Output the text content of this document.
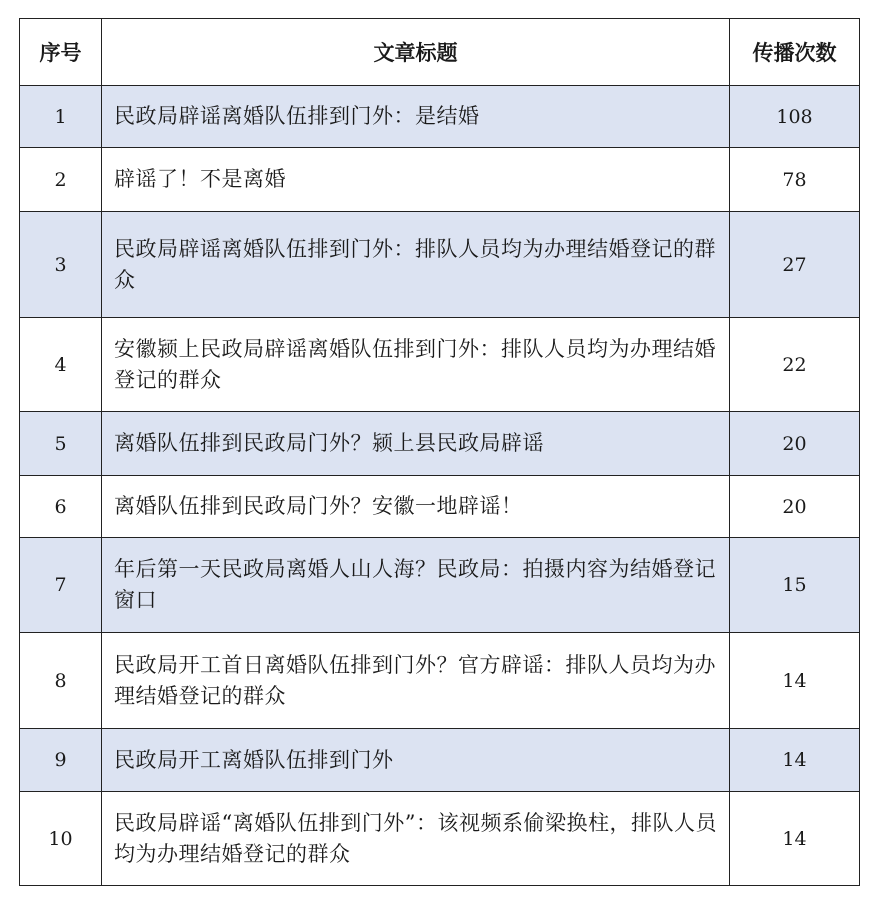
序号	文章标题	传播次数
1	民政局辟谣离婚队伍排到门外：是结婚	108
2	辟谣了！不是离婚	78
3	民政局辟谣离婚队伍排到门外：排队人员均为办理结婚登记的群众	27
4	安徽颍上民政局辟谣离婚队伍排到门外：排队人员均为办理结婚登记的群众	22
5	离婚队伍排到民政局门外？颍上县民政局辟谣	20
6	离婚队伍排到民政局门外？安徽一地辟谣！	20
7	年后第一天民政局离婚人山人海？民政局：拍摄内容为结婚登记窗口	15
8	民政局开工首日离婚队伍排到门外？官方辟谣：排队人员均为办理结婚登记的群众	14
9	民政局开工离婚队伍排到门外	14
10	民政局辟谣“离婚队伍排到门外”：该视频系偷梁换柱，排队人员均为办理结婚登记的群众	14
